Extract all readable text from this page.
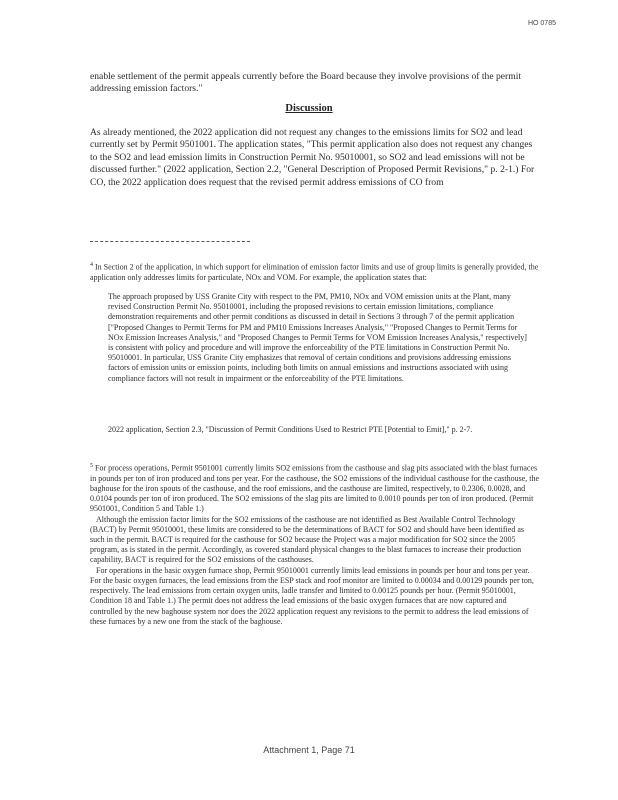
HO 0785

enable settlement of the permit appeals currently before the Board because they involve provisions of the permit addressing emission factors."

Discussion

As already mentioned, the 2022 application did not request any changes to the emissions limits for SO2 and lead currently set by Permit 9501001. The application states, "This permit application also does not request any changes to the SO2 and lead emission limits in Construction Permit No. 95010001, so SO2 and lead emissions will not be discussed further." (2022 application, Section 2.2, "General Description of Proposed Permit Revisions," p. 2-1.) For CO, the 2022 application does request that the revised permit address emissions of CO from

$^4$ In Section 2 of the application, in which support for elimination of emission factor limits and use of group limits is generally provided, the application only addresses limits for particulate, NOx and VOM. For example, the application states that:

The approach proposed by USS Granite City with respect to the PM, PM10, NOx and VOM emission units at the Plant, many revised Construction Permit No. 95010001, including the proposed revisions to certain emission limitations, compliance demonstration requirements and other permit conditions as discussed in detail in Sections 3 through 7 of the permit application ["Proposed Changes to Permit Terms for PM and PM10 Emissions Increases Analysis," "Proposed Changes to Permit Terms for NOx Emission Increases Analysis," and "Proposed Changes to Permit Terms for VOM Emission Increases Analysis," respectively] is consistent with policy and procedure and will improve the enforceability of the PTE limitations in Construction Permit No. 95010001. In particular, USS Granite City emphasizes that removal of certain conditions and provisions addressing emissions factors of emission units or emission points, including both limits on annual emissions and instructions associated with using compliance factors will not result in impairment or the enforceability of the PTE limitations.

2022 application, Section 2.3, "Discussion of Permit Conditions Used to Restrict PTE [Potential to Emit]," p. 2-7.

$^5$ For process operations, Permit 9501001 currently limits SO2 emissions from the casthouse and slag pits associated with the blast furnaces in pounds per ton of iron produced and tons per year. For the casthouse, the SO2 emissions of the individual casthouse for the casthouse, the baghouse for the iron spouts of the casthouse, and the roof emissions, and the casthouse are limited, respectively, to 0.2306, 0.0028, and 0.0104 pounds per ton of iron produced. The SO2 emissions of the slag pits are limited to 0.0010 pounds per ton of iron produced. (Permit 9501001, Condition 5 and Table 1.)

Although the emission factor limits for the SO2 emissions of the casthouse are not identified as Best Available Control Technology (BACT) by Permit 95010001, these limits are considered to be the determinations of BACT for SO2 and should have been identified as such in the permit. BACT is required for the casthouse for SO2 because the Project was a major modification for SO2 since the 2005 program, as is stated in the permit. Accordingly, as covered standard physical changes to the blast furnaces to increase their production capability, BACT is required for the SO2 emissions of the casthouses.

For operations in the basic oxygen furnace shop, Permit 95010001 currently limits lead emissions in pounds per hour and tons per year. For the basic oxygen furnaces, the lead emissions from the ESP stack and roof monitor are limited to 0.00034 and 0.00129 pounds per ton, respectively. The lead emissions from certain oxygen units, ladle transfer and limited to 0.00125 pounds per hour. (Permit 95010001, Condition 18 and Table 1.) The permit does not address the lead emissions of the basic oxygen furnaces that are now captured and controlled by the new baghouse system nor does the 2022 application request any revisions to the permit to address the lead emissions of these furnaces by a new one from the stack of the baghouse.

Attachment 1, Page 71
